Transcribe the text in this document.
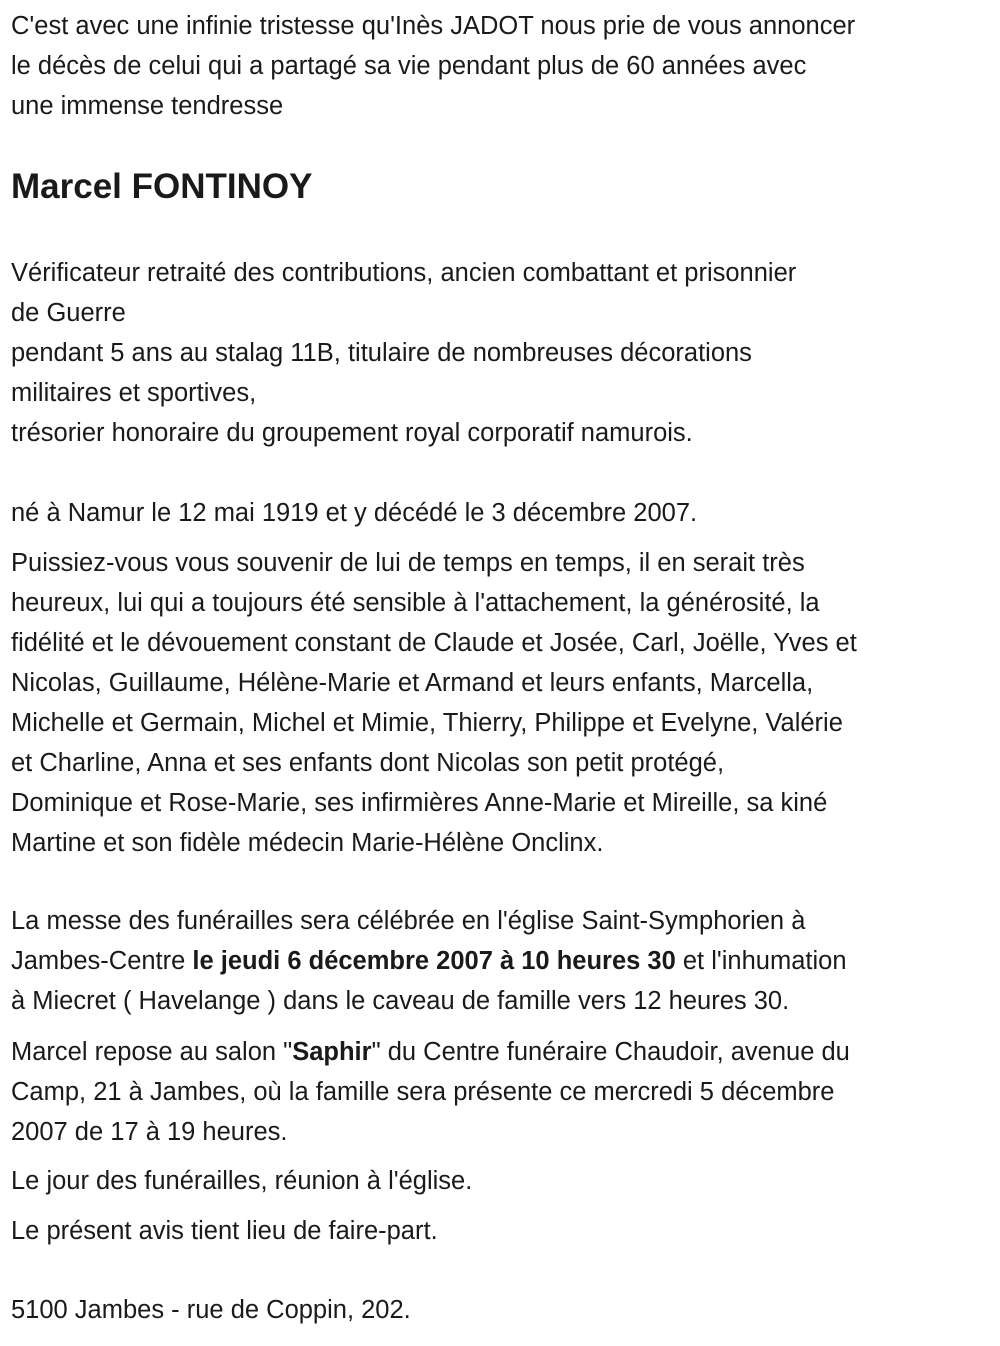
C'est avec une infinie tristesse qu'Inès JADOT nous prie de vous annoncer
le décès de celui qui a partagé sa vie pendant plus de 60 années avec
une immense tendresse

Marcel FONTINOY

Vérificateur retraité des contributions, ancien combattant et prisonnier
de Guerre
pendant 5 ans au stalag 11B, titulaire de nombreuses décorations
militaires et sportives,
trésorier honoraire du groupement royal corporatif namurois.

né à Namur le 12 mai 1919 et y décédé le 3 décembre 2007.

Puissiez-vous vous souvenir de lui de temps en temps, il en serait très
heureux, lui qui a toujours été sensible à l'attachement, la générosité, la
fidélité et le dévouement constant de Claude et Josée, Carl, Joëlle, Yves et
Nicolas, Guillaume, Hélène-Marie et Armand et leurs enfants, Marcella,
Michelle et Germain, Michel et Mimie, Thierry, Philippe et Evelyne, Valérie
et Charline, Anna et ses enfants dont Nicolas son petit protégé,
Dominique et Rose-Marie, ses infirmières Anne-Marie et Mireille, sa kiné
Martine et son fidèle médecin Marie-Hélène Onclinx.

La messe des funérailles sera célébrée en l'église Saint-Symphorien à
Jambes-Centre le jeudi 6 décembre 2007 à 10 heures 30 et l'inhumation
à Miecret ( Havelange ) dans le caveau de famille vers 12 heures 30.

Marcel repose au salon "Saphir" du Centre funéraire Chaudoir, avenue du
Camp, 21 à Jambes, où la famille sera présente ce mercredi 5 décembre
2007 de 17 à 19 heures.

Le jour des funérailles, réunion à l'église.

Le présent avis tient lieu de faire-part.

5100 Jambes - rue de Coppin, 202.
